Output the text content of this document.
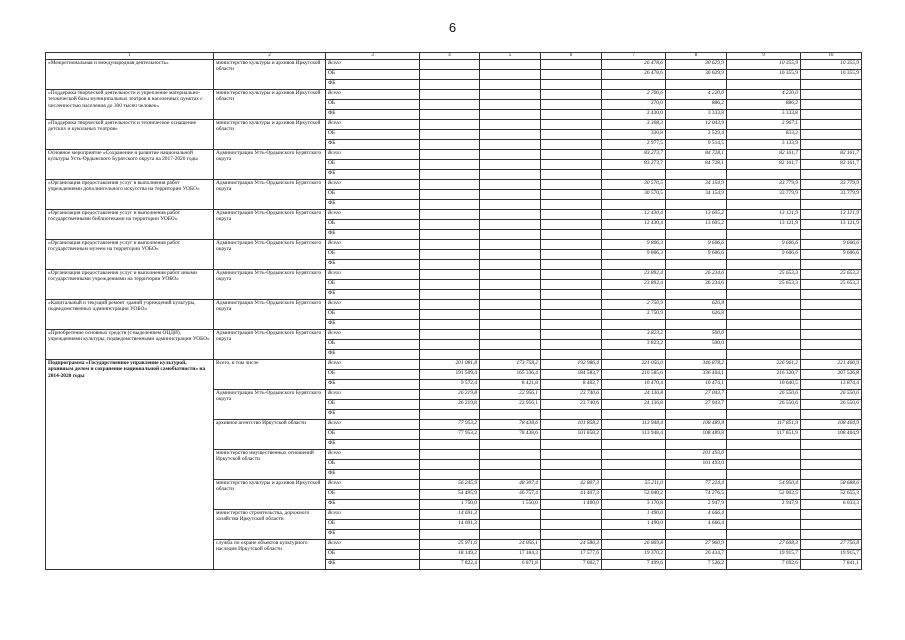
6
1	2	3	4	5	6	7	8	9	10
«Межрегиональная и международная деятельность»	министерство культуры и архивов Иркутской области	Всего				26 478,6	30 629,9	10 355,9	10 355,9
		ОБ				26 478,6	30 629,9	10 355,9	10 355,9
		ФБ							
«Поддержка творческой деятельности и укрепление материально-технической базы муниципальных театров в населенных пунктах с численностью населения до 300 тысяч человек»	министерство культуры и архивов Иркутской области	Всего				2 700,6	4 220,0	4 220,0	
		ОБ				270,0	886,2	886,2	
		ФБ				2 430,0	3 333,8	3 333,8	
«Поддержка творческой деятельности и техническое оснащение детских и кукольных театров»	министерство культуры и архивов Иркутской области	Всего				3 308,3	12 043,9	3 967,1	
		ОБ				330,8	2 529,4	833,2	
		ФБ				2 977,5	9 514,5	3 133,9	
Основное мероприятие «Сохранение и развитие национальной культуры Усть-Ордынского Бурятского округа на 2017-2020 годы	Администрация Усть-Ордынского Бурятского округа	Всего				83 273,7	84 728,1	82 161,7	82 161,7
		ОБ				83 273,7	84 728,1	82 161,7	82 161,7
		ФБ							
«Организация предоставления услуг в выполнения работ учреждениями дополнительного искусства на территории УОБО»	Администрация Усть-Ордынского Бурятского округа	Всего				30 570,5	34 154,9	33 779,9	33 779,9
		ОБ				30 570,5	34 154,9	33 779,9	33 779,9
		ФБ							
«Организация предоставления услуг и выполнения работ государственными библиотеками на территории УОБО»	Администрация Усть-Ордынского Бурятского округа	Всего				12 430,4	13 605,2	13 121,9	13 121,9
		ОБ				12 430,4	13 605,2	13 121,9	13 121,9
		ФБ							
«Организация предоставления услуг и выполнения работ государственным музеем на территории УОБО»	Администрация Усть-Ордынского Бурятского округа	Всего				9 806,3	9 606,6	9 606,6	9 606,6
		ОБ				9 806,3	9 606,6	9 606,6	9 606,6
		ФБ							
«Организация предоставления услуг и выполнения работ иными государственными учреждениями на территории УОБО»	Администрация Усть-Ордынского Бурятского округа	Всего				23 892,4	26 234,6	25 653,3	25 653,3
		ОБ				23 892,4	26 234,6	25 653,3	25 653,3
		ФБ							
«Капитальный и текущий ремонт зданий учреждений культуры, подведомственных администрации УОБО»	Администрация Усть-Ордынского Бурятского округа	Всего				2 750,9	626,8		
		ОБ				2 750,9	626,8		
		ФБ							
«Приобретение основных средств (с выделением ОЦДИ), учреждениями культуры, подведомственными администрации УОБО»	Администрация Усть-Ордынского Бурятского округа	Всего				3 823,2	500,0		
		ОБ				3 823,2	500,0		
		ФБ							
Подпрограмма «Государственное управление культурой, архивным делом и сохранение национальной самобытности» на 2014-2020 годы	Всего, в том числе	Всего	201 081,8	173 758,2	192 986,4	221 056,0	346 878,2	226 961,2	221 400,9
		ОБ	191 509,4	165 336,4	184 583,7	210 585,6	336 404,1	216 320,7	207 526,8
		ФБ	9 572,4	8 421,8	8 402,7	10 470,4	10 474,1	10 640,5	13 874,4
	Администрация Усть-Ордынского Бурятского округа	Всего	26 219,8	22 956,1	23 740,6	24 136,8	27 043,7	26 550,6	26 550,6
		ОБ	26 219,8	22 956,1	23 740,6	24 136,8	27 043,7	26 550,6	26 550,6
		ФБ							
	архивное агентство Иркутской области	Всего	77 953,2	78 438,6	101 858,2	113 948,4	108 489,8	117 851,9	108 404,9
		ОБ	77 953,2	78 438,6	101 858,2	113 948,4	108 489,8	117 851,9	108 404,9
		ФБ							
	министерство имущественных отношений Иркутской области	Всего					101 493,0		
		ОБ					101 493,0		
		ФБ							
	министерство культуры и архивов Иркутской области	Всего	56 245,9	48 307,4	42 807,3	55 211,0	77 224,4	54 950,4	58 688,6
		ОБ	54 495,9	46 757,4	41 407,3	52 040,2	74 276,5	52 002,5	52 655,3
		ФБ	1 750,0	1 550,0	1 400,0	3 170,8	2 947,9	2 947,9	6 033,3
	министерство строительства, дорожного хозяйства Иркутской области	Всего	14 691,3			1 490,0	4 666,4		
		ОБ	14 691,3			1 490,0	4 666,4		
		ФБ							
	служба по охране объектов культурного наследия Иркутской области	Всего	25 971,6	24 056,1	24 580,3	26 869,8	27 960,9	27 608,3	27 756,8
		ОБ	18 149,2	17 184,3	17 577,6	19 370,2	20 434,7	19 915,7	19 915,7
		ФБ	7 822,4	6 871,8	7 002,7	7 499,6	7 526,2	7 692,6	7 841,1
